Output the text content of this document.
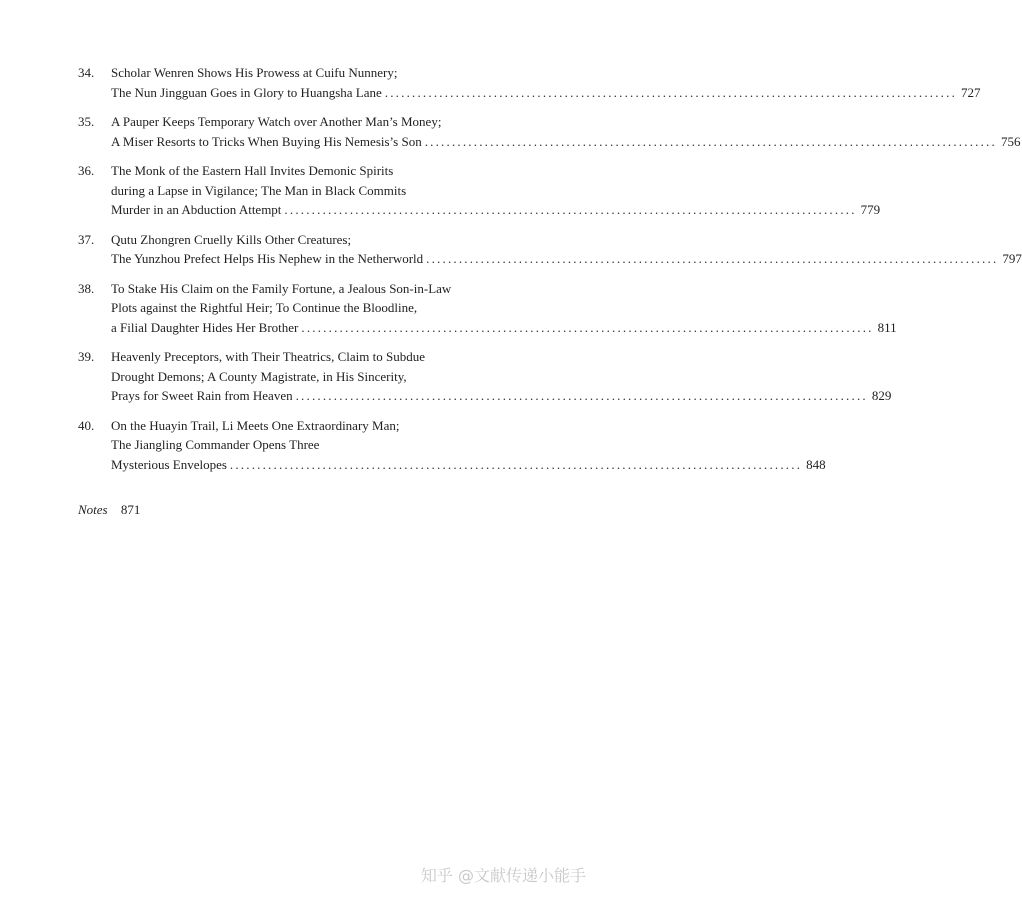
34. Scholar Wenren Shows His Prowess at Cuifu Nunnery;
The Nun Jingguan Goes in Glory to Huangsha Lane ......................................................................................................... 727
35. A Pauper Keeps Temporary Watch over Another Man’s Money;
A Miser Resorts to Tricks When Buying His Nemesis’s Son ......................................................................................................... 756
36. The Monk of the Eastern Hall Invites Demonic Spirits
during a Lapse in Vigilance; The Man in Black Commits
Murder in an Abduction Attempt ......................................................................................................... 779
37. Qutu Zhongren Cruelly Kills Other Creatures;
The Yunzhou Prefect Helps His Nephew in the Netherworld ......................................................................................................... 797
38. To Stake His Claim on the Family Fortune, a Jealous Son-in-Law
Plots against the Rightful Heir; To Continue the Bloodline,
a Filial Daughter Hides Her Brother ......................................................................................................... 811
39. Heavenly Preceptors, with Their Theatrics, Claim to Subdue
Drought Demons; A County Magistrate, in His Sincerity,
Prays for Sweet Rain from Heaven ......................................................................................................... 829
40. On the Huayin Trail, Li Meets One Extraordinary Man;
The Jiangling Commander Opens Three
Mysterious Envelopes ......................................................................................................... 848
Notes 871
知乎 @文献传递小能手
